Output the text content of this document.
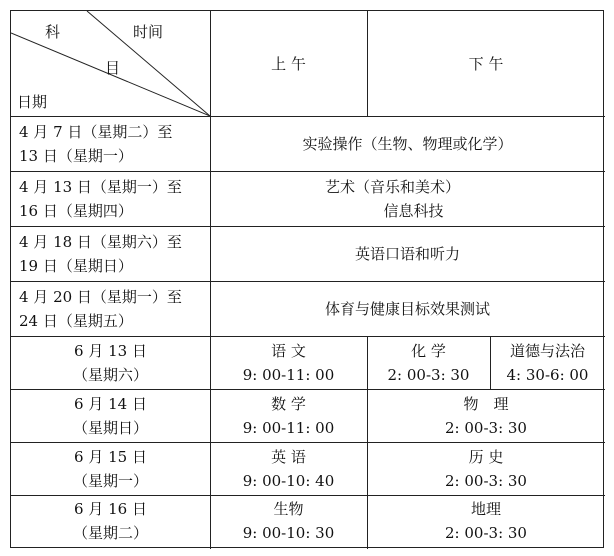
科	时间
目
日期
上 午	下 午
4 月 7 日（星期二）至
13 日（星期一）
实验操作（生物、物理或化学）
4 月 13 日（星期一）至
16 日（星期四）
艺术（音乐和美术）
信息科技
4 月 18 日（星期六）至
19 日（星期日）
英语口语和听力
4 月 20 日（星期一）至
24 日（星期五）
体育与健康目标效果测试
6 月 13 日
（星期六）
语 文
9: 00-11: 00
化 学
2: 00-3: 30
道德与法治
4: 30-6: 00
6 月 14 日
（星期日）
数 学
9: 00-11: 00
物　理
2: 00-3: 30
6 月 15 日
（星期一）
英 语
9: 00-10: 40
历 史
2: 00-3: 30
6 月 16 日
（星期二）
生物
9: 00-10: 30
地理
2: 00-3: 30
